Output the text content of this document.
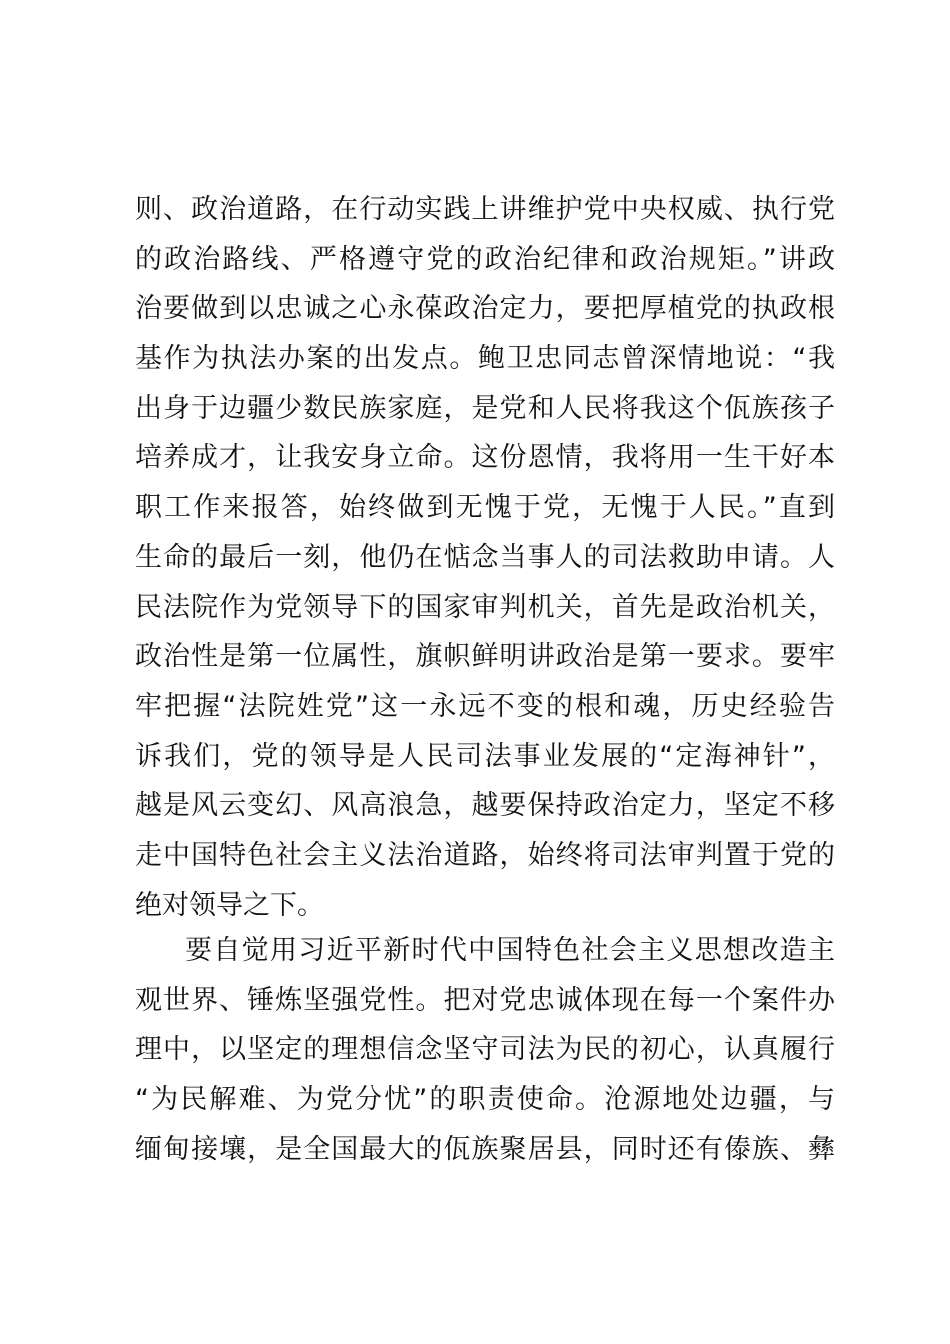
则、政治道路，在行动实践上讲维护党中央权威、执行党
的政治路线、严格遵守党的政治纪律和政治规矩。”讲政
治要做到以忠诚之心永葆政治定力，要把厚植党的执政根
基作为执法办案的出发点。鲍卫忠同志曾深情地说：“我
出身于边疆少数民族家庭，是党和人民将我这个佤族孩子
培养成才，让我安身立命。这份恩情，我将用一生干好本
职工作来报答，始终做到无愧于党，无愧于人民。”直到
生命的最后一刻，他仍在惦念当事人的司法救助申请。人
民法院作为党领导下的国家审判机关，首先是政治机关，
政治性是第一位属性，旗帜鲜明讲政治是第一要求。要牢
牢把握“法院姓党”这一永远不变的根和魂，历史经验告
诉我们，党的领导是人民司法事业发展的“定海神针”，
越是风云变幻、风高浪急，越要保持政治定力，坚定不移
走中国特色社会主义法治道路，始终将司法审判置于党的
绝对领导之下。
要自觉用习近平新时代中国特色社会主义思想改造主
观世界、锤炼坚强党性。把对党忠诚体现在每一个案件办
理中，以坚定的理想信念坚守司法为民的初心，认真履行
“为民解难、为党分忧”的职责使命。沧源地处边疆，与
缅甸接壤，是全国最大的佤族聚居县，同时还有傣族、彝
